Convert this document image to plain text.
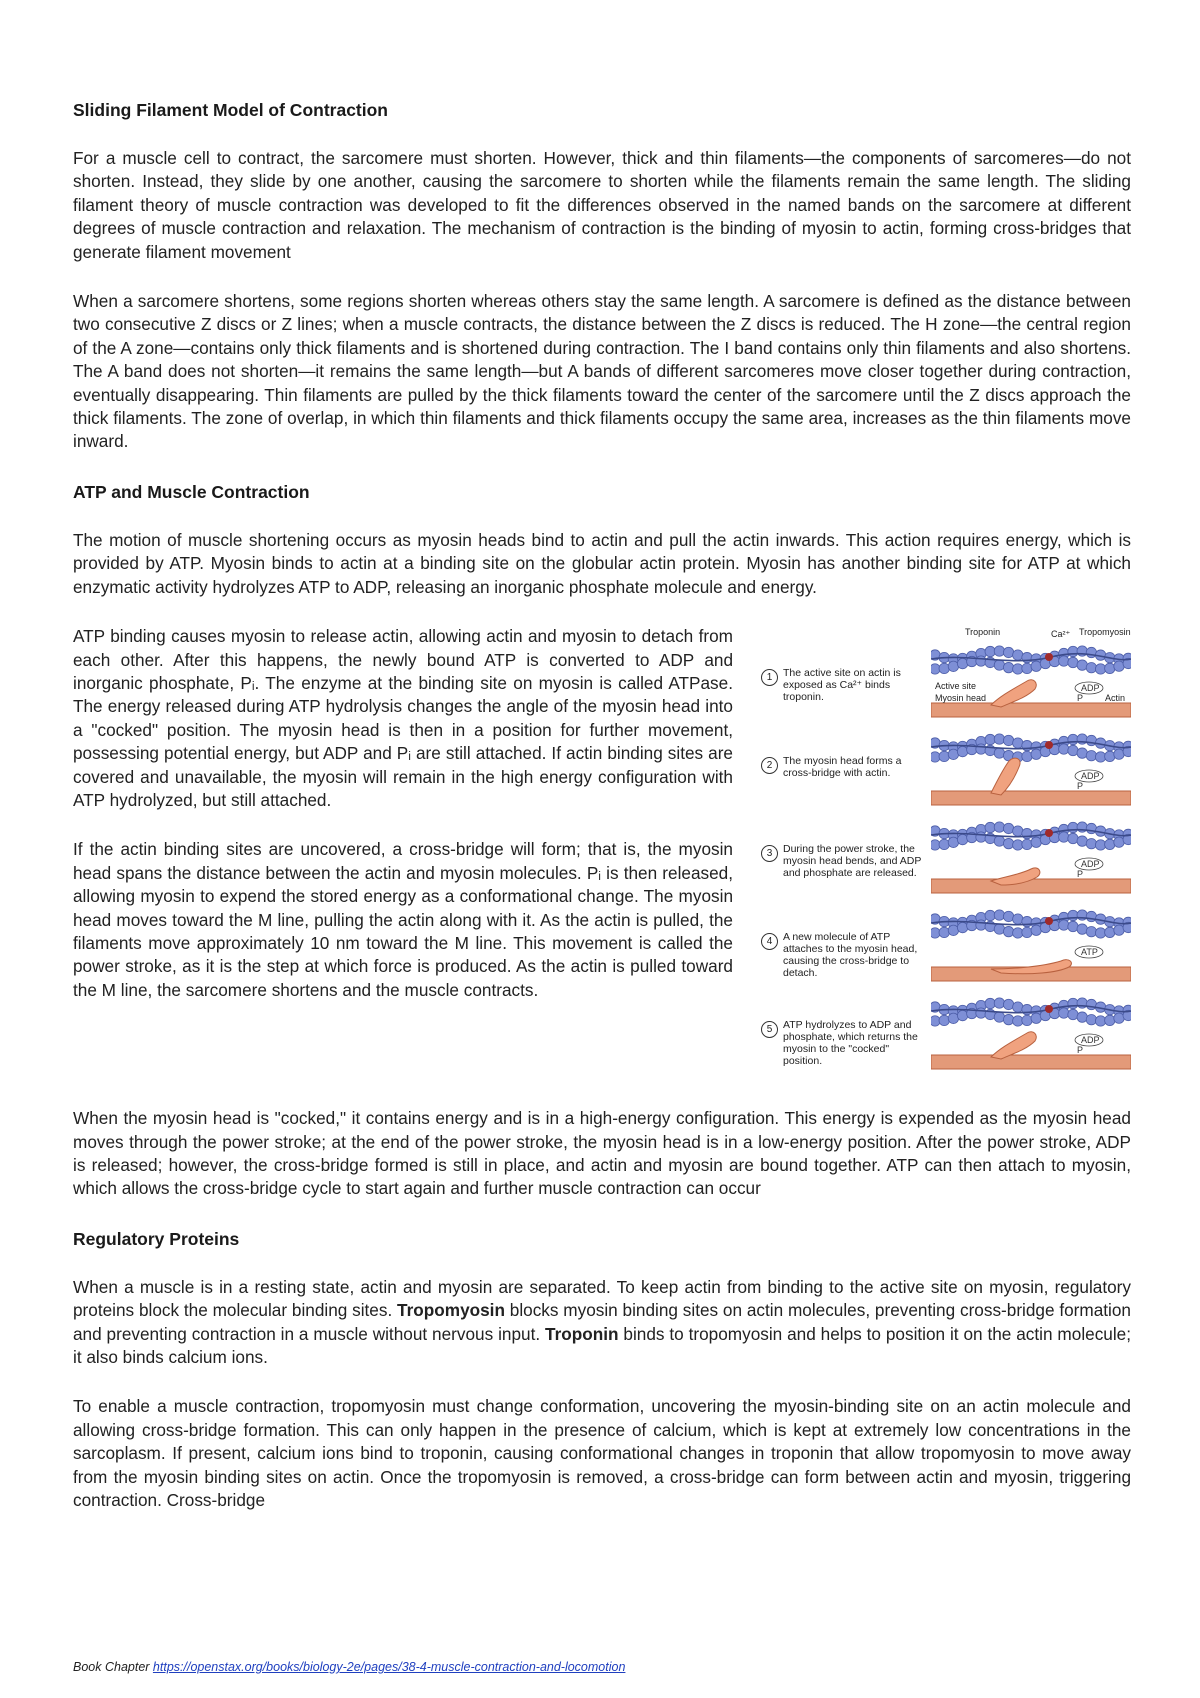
Sliding Filament Model of Contraction

For a muscle cell to contract, the sarcomere must shorten. However, thick and thin filaments—the components of sarcomeres—do not shorten. Instead, they slide by one another, causing the sarcomere to shorten while the filaments remain the same length. The sliding filament theory of muscle contraction was developed to fit the differences observed in the named bands on the sarcomere at different degrees of muscle contraction and relaxation. The mechanism of contraction is the binding of myosin to actin, forming cross-bridges that generate filament movement

When a sarcomere shortens, some regions shorten whereas others stay the same length. A sarcomere is defined as the distance between two consecutive Z discs or Z lines; when a muscle contracts, the distance between the Z discs is reduced. The H zone—the central region of the A zone—contains only thick filaments and is shortened during contraction. The I band contains only thin filaments and also shortens. The A band does not shorten—it remains the same length—but A bands of different sarcomeres move closer together during contraction, eventually disappearing. Thin filaments are pulled by the thick filaments toward the center of the sarcomere until the Z discs approach the thick filaments. The zone of overlap, in which thin filaments and thick filaments occupy the same area, increases as the thin filaments move inward.

ATP and Muscle Contraction

The motion of muscle shortening occurs as myosin heads bind to actin and pull the actin inwards. This action requires energy, which is provided by ATP. Myosin binds to actin at a binding site on the globular actin protein. Myosin has another binding site for ATP at which enzymatic activity hydrolyzes ATP to ADP, releasing an inorganic phosphate molecule and energy.

ATP binding causes myosin to release actin, allowing actin and myosin to detach from each other. After this happens, the newly bound ATP is converted to ADP and inorganic phosphate, Pᵢ. The enzyme at the binding site on myosin is called ATPase. The energy released during ATP hydrolysis changes the angle of the myosin head into a "cocked" position. The myosin head is then in a position for further movement, possessing potential energy, but ADP and Pᵢ are still attached. If actin binding sites are covered and unavailable, the myosin will remain in the high energy configuration with ATP hydrolyzed, but still attached.

If the actin binding sites are uncovered, a cross-bridge will form; that is, the myosin head spans the distance between the actin and myosin molecules. Pᵢ is then released, allowing myosin to expend the stored energy as a conformational change. The myosin head moves toward the M line, pulling the actin along with it. As the actin is pulled, the filaments move approximately 10 nm toward the M line. This movement is called the power stroke, as it is the step at which force is produced. As the actin is pulled toward the M line, the sarcomere shortens and the muscle contracts.

Troponin	Ca²⁺ Tropomyosin
1	The active site on actin is exposed as Ca²⁺ binds troponin.
ADP
P
Active site
Myosin head	Actin
2	The myosin head forms a cross-bridge with actin.	ADP
P
3	During the power stroke, the myosin head bends, and ADP and phosphate are released.
ADP
P
4	A new molecule of ATP attaches to the myosin head, causing the cross-bridge to detach.
ATP
5	ATP hydrolyzes to ADP and phosphate, which returns the myosin to the "cocked" position.
ADP
P

When the myosin head is "cocked," it contains energy and is in a high-energy configuration. This energy is expended as the myosin head moves through the power stroke; at the end of the power stroke, the myosin head is in a low-energy position. After the power stroke, ADP is released; however, the cross-bridge formed is still in place, and actin and myosin are bound together. ATP can then attach to myosin, which allows the cross-bridge cycle to start again and further muscle contraction can occur

Regulatory Proteins

When a muscle is in a resting state, actin and myosin are separated. To keep actin from binding to the active site on myosin, regulatory proteins block the molecular binding sites. Tropomyosin blocks myosin binding sites on actin molecules, preventing cross-bridge formation and preventing contraction in a muscle without nervous input. Troponin binds to tropomyosin and helps to position it on the actin molecule; it also binds calcium ions.

To enable a muscle contraction, tropomyosin must change conformation, uncovering the myosin-binding site on an actin molecule and allowing cross-bridge formation. This can only happen in the presence of calcium, which is kept at extremely low concentrations in the sarcoplasm. If present, calcium ions bind to troponin, causing conformational changes in troponin that allow tropomyosin to move away from the myosin binding sites on actin. Once the tropomyosin is removed, a cross-bridge can form between actin and myosin, triggering contraction. Cross-bridge

Book Chapter https://openstax.org/books/biology-2e/pages/38-4-muscle-contraction-and-locomotion
